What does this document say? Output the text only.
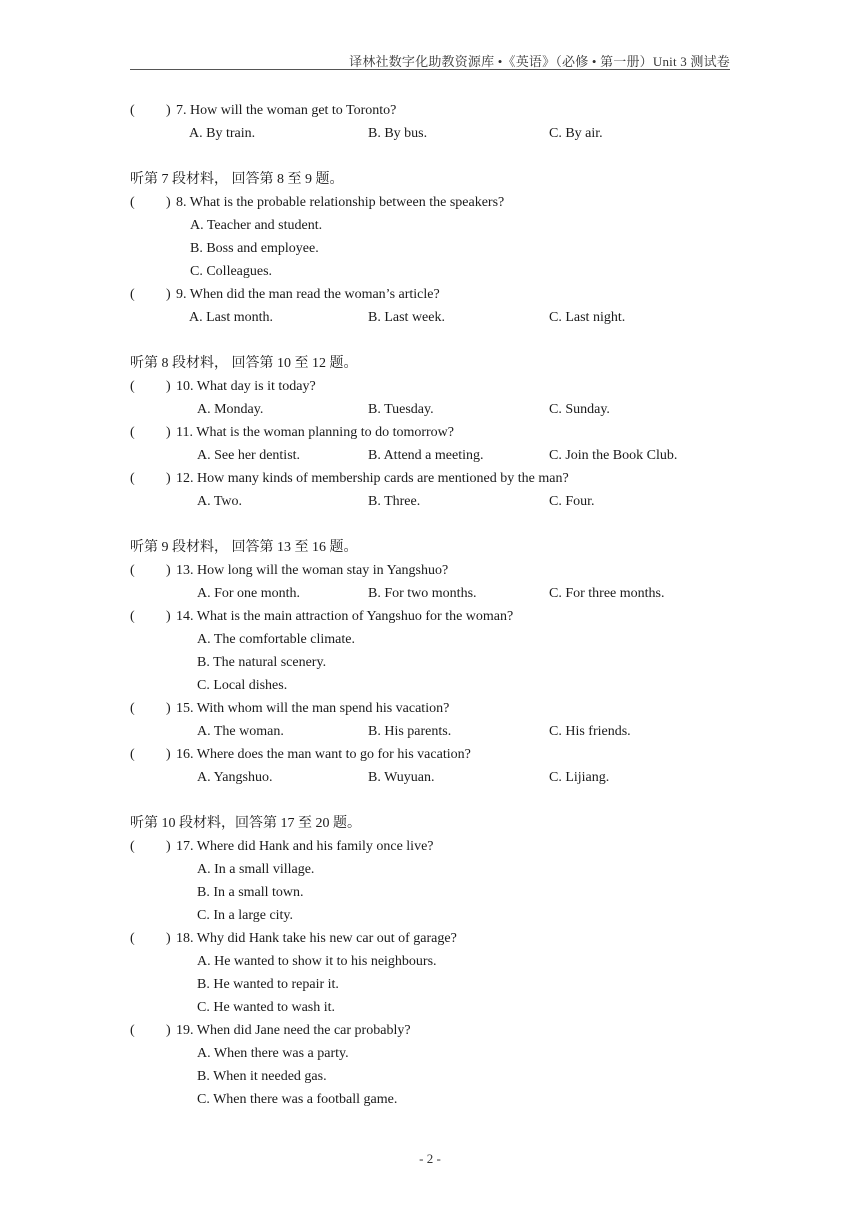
译林社数字化助教资源库 •《英语》（必修 • 第一册）Unit 3 测试卷
( ) 7. How will the woman get to Toronto?
A. By train.	B. By bus.	C. By air.
听第 7 段材料， 回答第 8 至 9 题。
( ) 8. What is the probable relationship between the speakers?
A. Teacher and student.
B. Boss and employee.
C. Colleagues.
( ) 9. When did the man read the woman’s article?
A. Last month.	B. Last week.	C. Last night.
听第 8 段材料， 回答第 10 至 12 题。
( ) 10. What day is it today?
A. Monday.	B. Tuesday.	C. Sunday.
( ) 11. What is the woman planning to do tomorrow?
A. See her dentist.	B. Attend a meeting.	C. Join the Book Club.
( ) 12. How many kinds of membership cards are mentioned by the man?
A. Two.	B. Three.	C. Four.
听第 9 段材料， 回答第 13 至 16 题。
( ) 13. How long will the woman stay in Yangshuo?
A. For one month.	B. For two months.	C. For three months.
( ) 14. What is the main attraction of Yangshuo for the woman?
A. The comfortable climate.
B. The natural scenery.
C. Local dishes.
( ) 15. With whom will the man spend his vacation?
A. The woman.	B. His parents.	C. His friends.
( ) 16. Where does the man want to go for his vacation?
A. Yangshuo.	B. Wuyuan.	C. Lijiang.
听第 10 段材料，回答第 17 至 20 题。
( ) 17. Where did Hank and his family once live?
A. In a small village.
B. In a small town.
C. In a large city.
( ) 18. Why did Hank take his new car out of garage?
A. He wanted to show it to his neighbours.
B. He wanted to repair it.
C. He wanted to wash it.
( ) 19. When did Jane need the car probably?
A. When there was a party.
B. When it needed gas.
C. When there was a football game.
- 2 -
